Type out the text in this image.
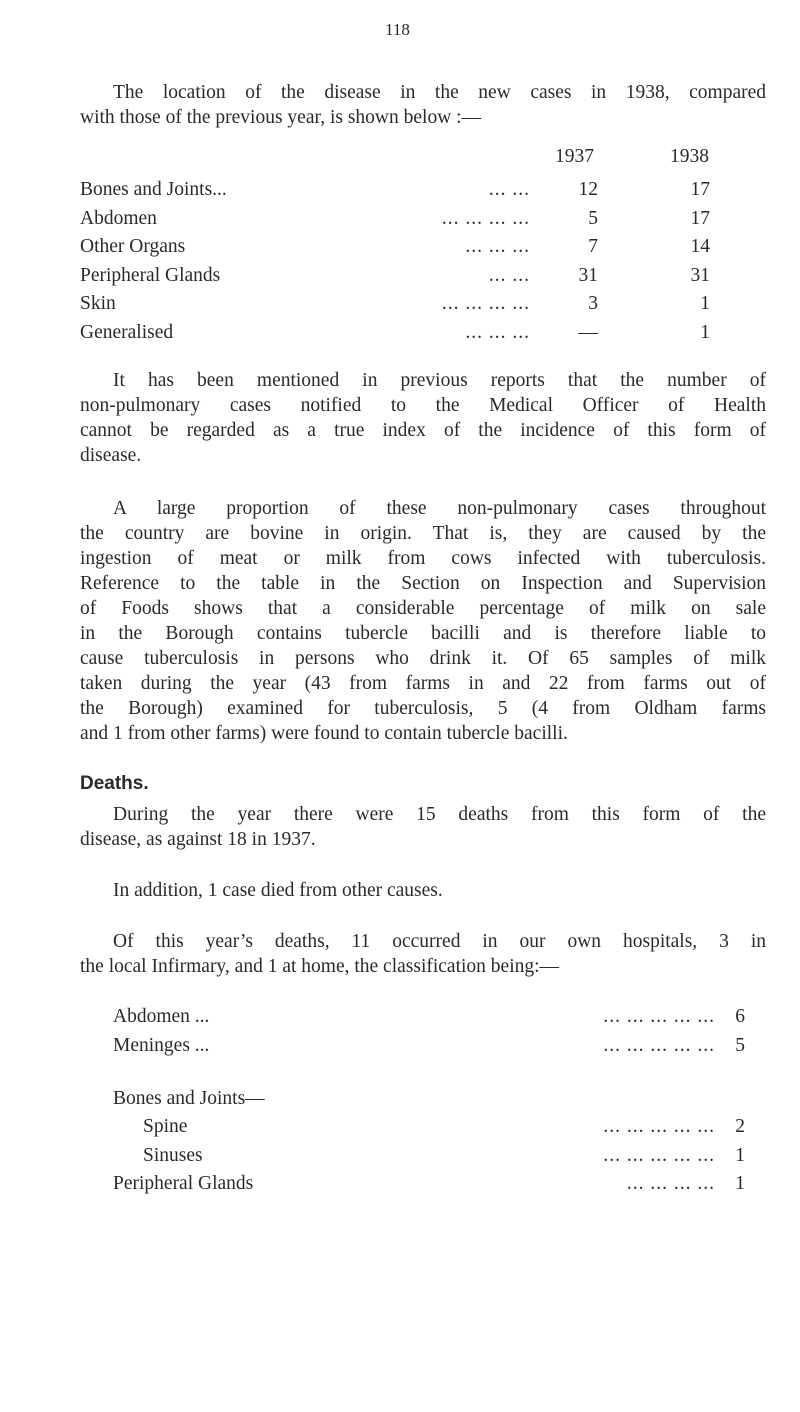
118
The location of the disease in the new cases in 1938, compared
with those of the previous year, is shown below :—
1937	1938
Bones and Joints...	... ...	12	17
Abdomen	... ... ... ...	5	17
Other Organs	... ... ...	7	14
Peripheral Glands	... ...	31	31
Skin	... ... ... ...	3	1
Generalised	... ... ...	—	1
It has been mentioned in previous reports that the number of
non-pulmonary cases notified to the Medical Officer of Health
cannot be regarded as a true index of the incidence of this form of
disease.
A large proportion of these non-pulmonary cases throughout
the country are bovine in origin. That is, they are caused by the
ingestion of meat or milk from cows infected with tuberculosis.
Reference to the table in the Section on Inspection and Supervision
of Foods shows that a considerable percentage of milk on sale
in the Borough contains tubercle bacilli and is therefore liable to
cause tuberculosis in persons who drink it. Of 65 samples of milk
taken during the year (43 from farms in and 22 from farms out of
the Borough) examined for tuberculosis, 5 (4 from Oldham farms
and 1 from other farms) were found to contain tubercle bacilli.
Deaths.
During the year there were 15 deaths from this form of the
disease, as against 18 in 1937.
In addition, 1 case died from other causes.
Of this year’s deaths, 11 occurred in our own hospitals, 3 in
the local Infirmary, and 1 at home, the classification being:—
Abdomen ...	... ... ... ... ...	6
Meninges ...	... ... ... ... ...	5
Bones and Joints—
Spine	... ... ... ... ...	2
Sinuses	... ... ... ... ...	1
Peripheral Glands	... ... ... ...	1
